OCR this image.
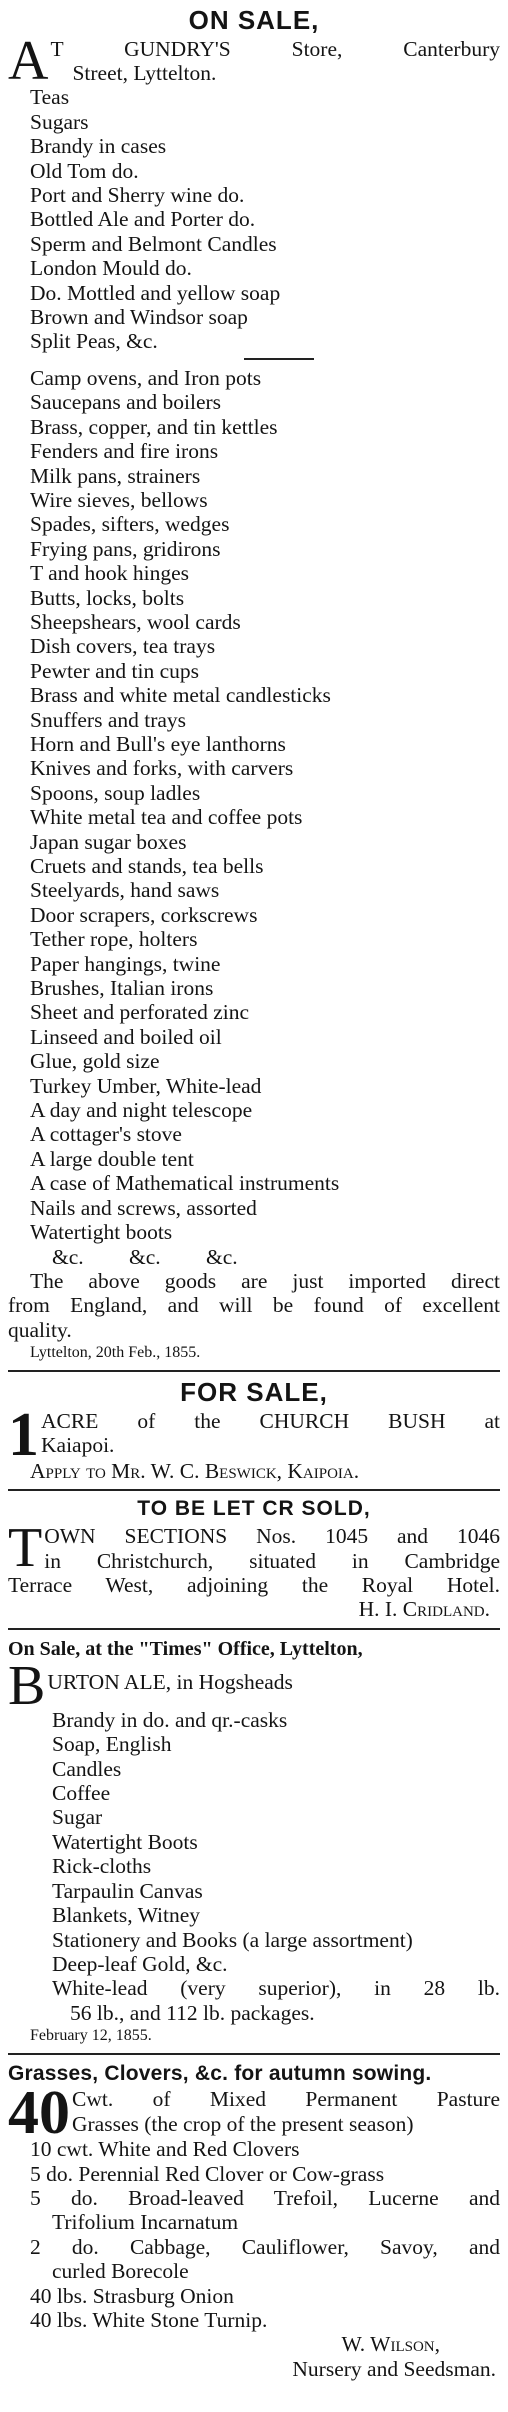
ON SALE,
A T GUNDRY'S Store, Canterbury
Street, Lyttelton.
Teas
Sugars
Brandy in cases
Old Tom do.
Port and Sherry wine do.
Bottled Ale and Porter do.
Sperm and Belmont Candles
London Mould do.
Do. Mottled and yellow soap
Brown and Windsor soap
Split Peas, &c.
Camp ovens, and Iron pots
Saucepans and boilers
Brass, copper, and tin kettles
Fenders and fire irons
Milk pans, strainers
Wire sieves, bellows
Spades, sifters, wedges
Frying pans, gridirons
T and hook hinges
Butts, locks, bolts
Sheepshears, wool cards
Dish covers, tea trays
Pewter and tin cups
Brass and white metal candlesticks
Snuffers and trays
Horn and Bull's eye lanthorns
Knives and forks, with carvers
Spoons, soup ladles
White metal tea and coffee pots
Japan sugar boxes
Cruets and stands, tea bells
Steelyards, hand saws
Door scrapers, corkscrews
Tether rope, holters
Paper hangings, twine
Brushes, Italian irons
Sheet and perforated zinc
Linseed and boiled oil
Glue, gold size
Turkey Umber, White-lead
A day and night telescope
A cottager's stove
A large double tent
A case of Mathematical instruments
Nails and screws, assorted
Watertight boots
&c. &c. &c.
The above goods are just imported direct
from England, and will be found of excellent
quality.
Lyttelton, 20th Feb., 1855.
FOR SALE,
1 ACRE of the CHURCH BUSH at
Kaiapoi.
Apply to Mr. W. C. Beswick, Kaipoia.
TO BE LET CR SOLD,
T OWN SECTIONS Nos. 1045 and 1046
in Christchurch, situated in Cambridge
Terrace West, adjoining the Royal Hotel.
H. I. Cridland.
On Sale, at the "Times" Office, Lyttelton,
B URTON ALE, in Hogsheads
Brandy in do. and qr.-casks
Soap, English
Candles
Coffee
Sugar
Watertight Boots
Rick-cloths
Tarpaulin Canvas
Blankets, Witney
Stationery and Books (a large assortment)
Deep-leaf Gold, &c.
White-lead (very superior), in 28 lb.
56 lb., and 112 lb. packages.
February 12, 1855.
Grasses, Clovers, &c. for autumn sowing.
40 Cwt. of Mixed Permanent Pasture
Grasses (the crop of the present season)
10 cwt. White and Red Clovers
5 do. Perennial Red Clover or Cow-grass
5 do. Broad-leaved Trefoil, Lucerne and
Trifolium Incarnatum
2 do. Cabbage, Cauliflower, Savoy, and
curled Borecole
40 lbs. Strasburg Onion
40 lbs. White Stone Turnip.
W. Wilson,
Nursery and Seedsman.
